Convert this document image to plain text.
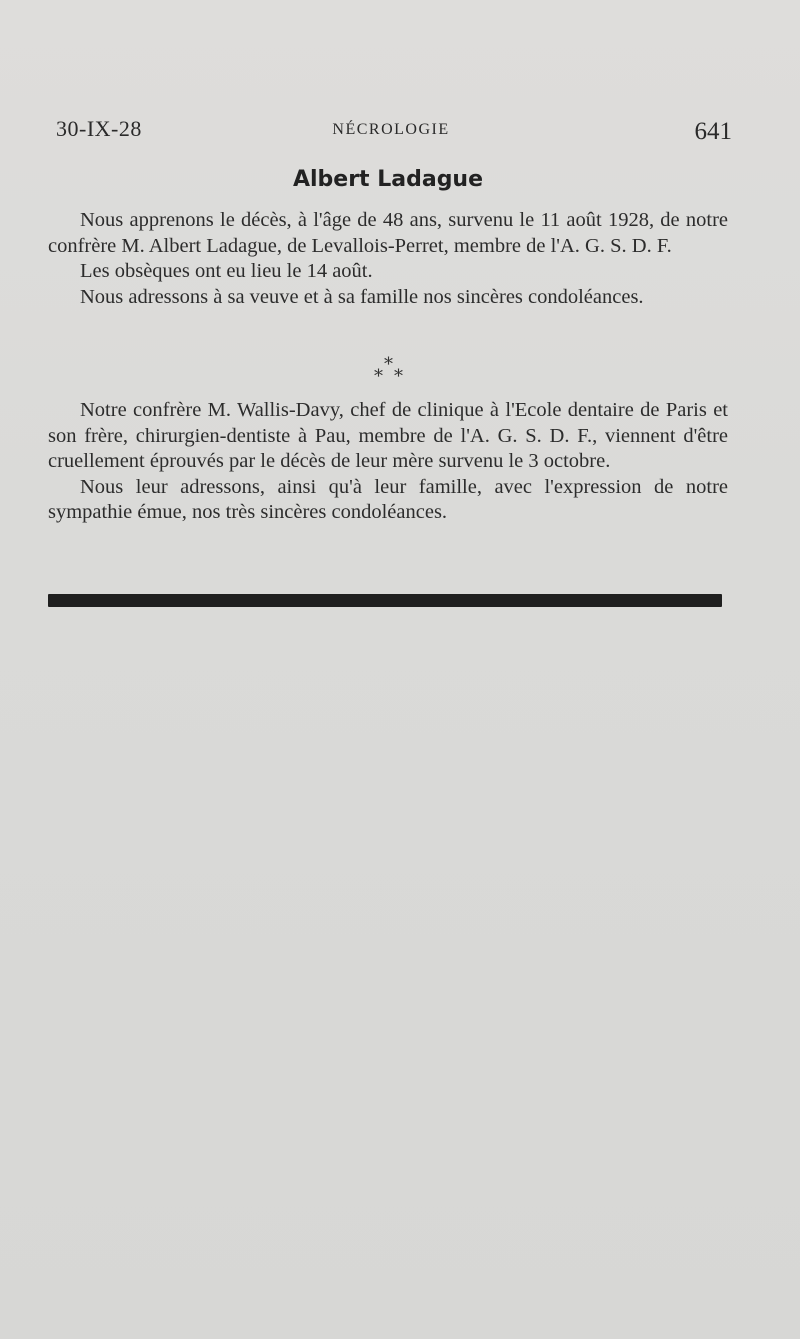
30-IX-28	NÉCROLOGIE	641
Albert Ladague

Nous apprenons le décès, à l'âge de 48 ans, survenu le 11 août 1928, de notre confrère M. Albert Ladague, de Levallois-Perret, membre de l'A. G. S. D. F.

Les obsèques ont eu lieu le 14 août.

Nous adressons à sa veuve et à sa famille nos sincères condoléances.

*
* *

Notre confrère M. Wallis-Davy, chef de clinique à l'Ecole dentaire de Paris et son frère, chirurgien-dentiste à Pau, membre de l'A. G. S. D. F., viennent d'être cruellement éprouvés par le décès de leur mère survenu le 3 octobre.

Nous leur adressons, ainsi qu'à leur famille, avec l'expression de notre sympathie émue, nos très sincères condoléances.
